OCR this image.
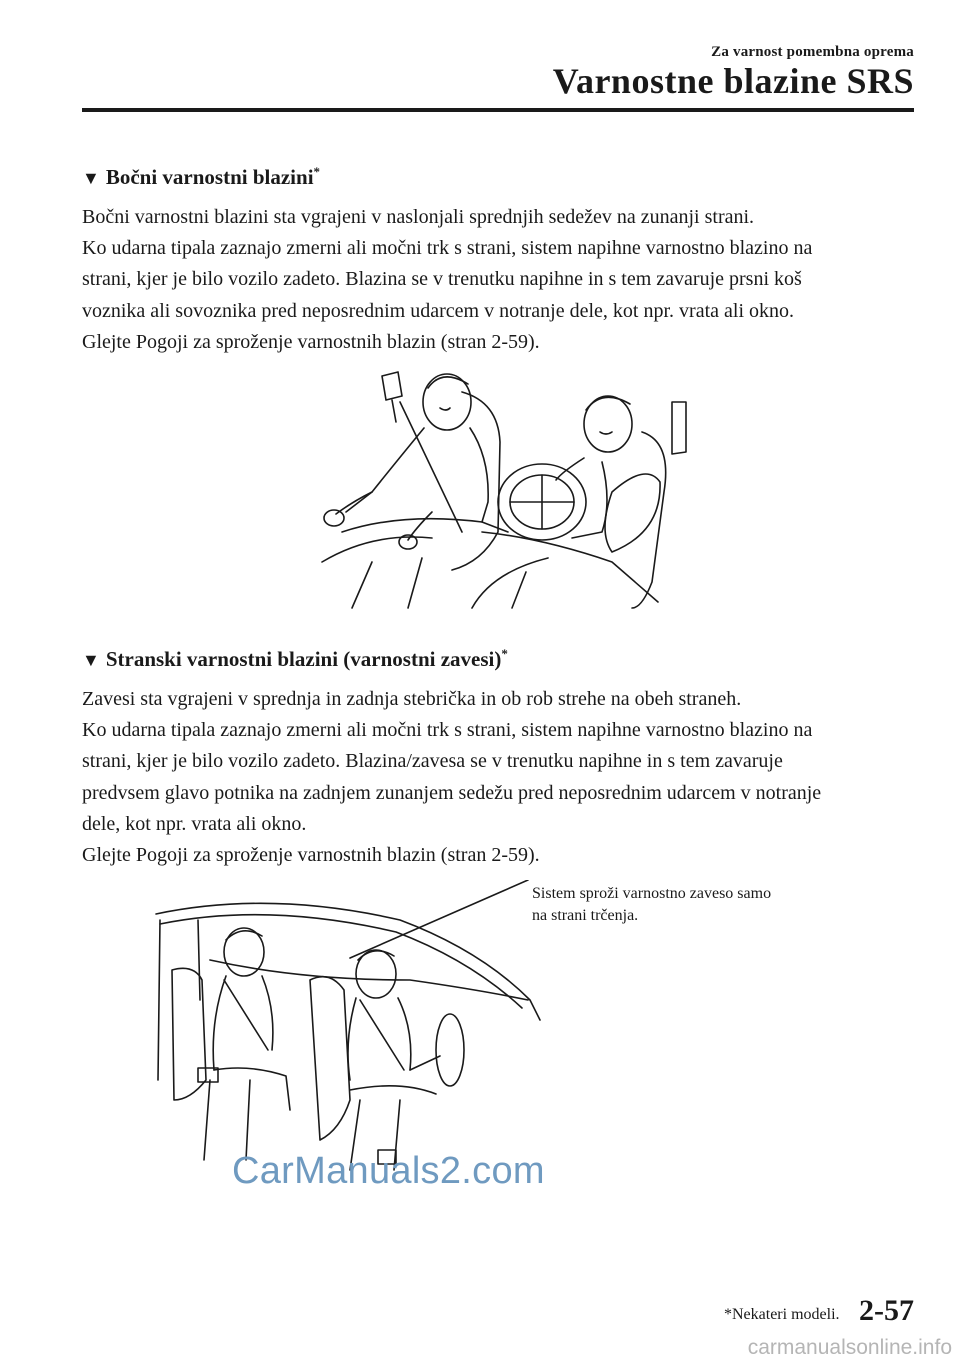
Za varnost pomembna oprema
Varnostne blazine SRS
▼ Bočni varnostni blazini*
Bočni varnostni blazini sta vgrajeni v naslonjali sprednjih sedežev na zunanji strani.
Ko udarna tipala zaznajo zmerni ali močni trk s strani, sistem napihne varnostno blazino na
strani, kjer je bilo vozilo zadeto. Blazina se v trenutku napihne in s tem zavaruje prsni koš
voznika ali sovoznika pred neposrednim udarcem v notranje dele, kot npr. vrata ali okno.
Glejte Pogoji za sproženje varnostnih blazin (stran 2-59).
▼ Stranski varnostni blazini (varnostni zavesi)*
Zavesi sta vgrajeni v sprednja in zadnja stebrička in ob rob strehe na obeh straneh.
Ko udarna tipala zaznajo zmerni ali močni trk s strani, sistem napihne varnostno blazino na
strani, kjer je bilo vozilo zadeto. Blazina/zavesa se v trenutku napihne in s tem zavaruje
predvsem glavo potnika na zadnjem zunanjem sedežu pred neposrednim udarcem v notranje
dele, kot npr. vrata ali okno.
Glejte Pogoji za sproženje varnostnih blazin (stran 2-59).
Sistem sproži varnostno zaveso samo
na strani trčenja.
CarManuals2.com
*Nekateri modeli. 2-57
carmanualsonline.info
